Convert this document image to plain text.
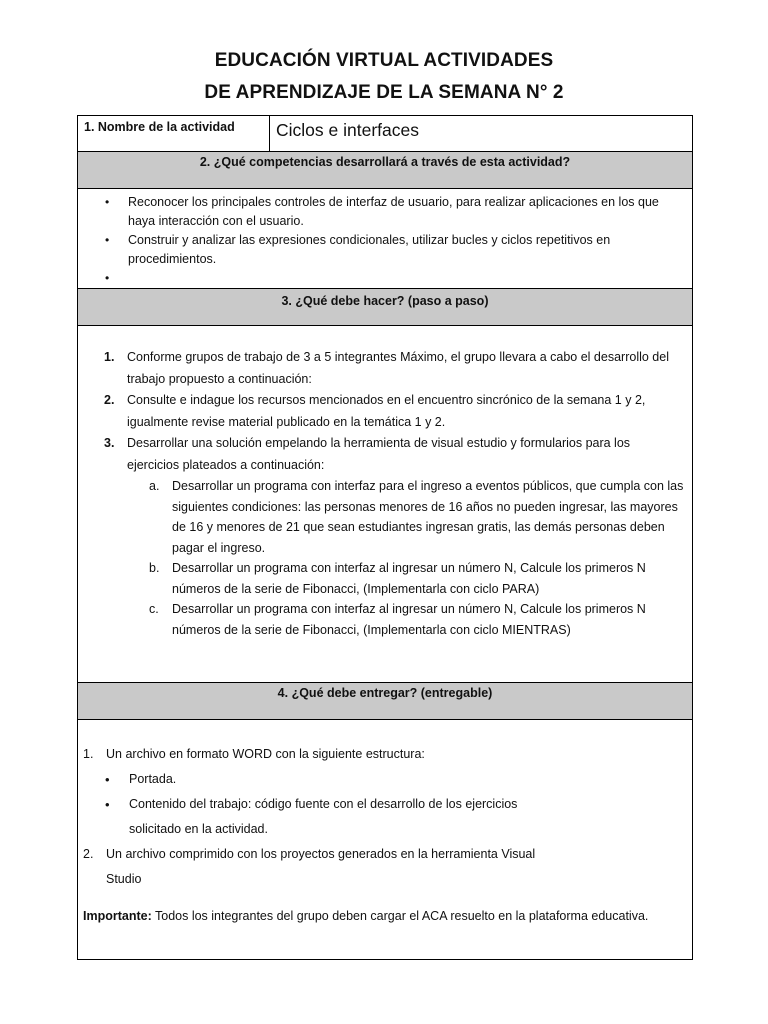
EDUCACIÓN VIRTUAL ACTIVIDADES
DE APRENDIZAJE DE LA SEMANA N° 2
1. Nombre de la actividad	Ciclos e interfaces

2. ¿Qué competencias desarrollará a través de esta actividad?

• Reconocer los principales controles de interfaz de usuario, para realizar aplicaciones en los que haya interacción con el usuario.
• Construir y analizar las expresiones condicionales, utilizar bucles y ciclos repetitivos en procedimientos.
•

3. ¿Qué debe hacer? (paso a paso)

1. Conforme grupos de trabajo de 3 a 5 integrantes Máximo, el grupo llevara a cabo el desarrollo del trabajo propuesto a continuación:
2. Consulte e indague los recursos mencionados en el encuentro sincrónico de la semana 1 y 2, igualmente revise material publicado en la temática 1 y 2.
3. Desarrollar una solución empelando la herramienta de visual estudio y formularios para los ejercicios plateados a continuación:
a. Desarrollar un programa con interfaz para el ingreso a eventos públicos, que cumpla con las siguientes condiciones: las personas menores de 16 años no pueden ingresar, las mayores de 16 y menores de 21 que sean estudiantes ingresan gratis, las demás personas deben pagar el ingreso.
b. Desarrollar un programa con interfaz al ingresar un número N, Calcule los primeros N números de la serie de Fibonacci, (Implementarla con ciclo PARA)
c. Desarrollar un programa con interfaz al ingresar un número N, Calcule los primeros N números de la serie de Fibonacci, (Implementarla con ciclo MIENTRAS)

4. ¿Qué debe entregar? (entregable)

1. Un archivo en formato WORD con la siguiente estructura:
• Portada.
• Contenido del trabajo: código fuente con el desarrollo de los ejercicios
solicitado en la actividad.
2. Un archivo comprimido con los proyectos generados en la herramienta Visual
Studio
Importante: Todos los integrantes del grupo deben cargar el ACA resuelto en la plataforma educativa.
